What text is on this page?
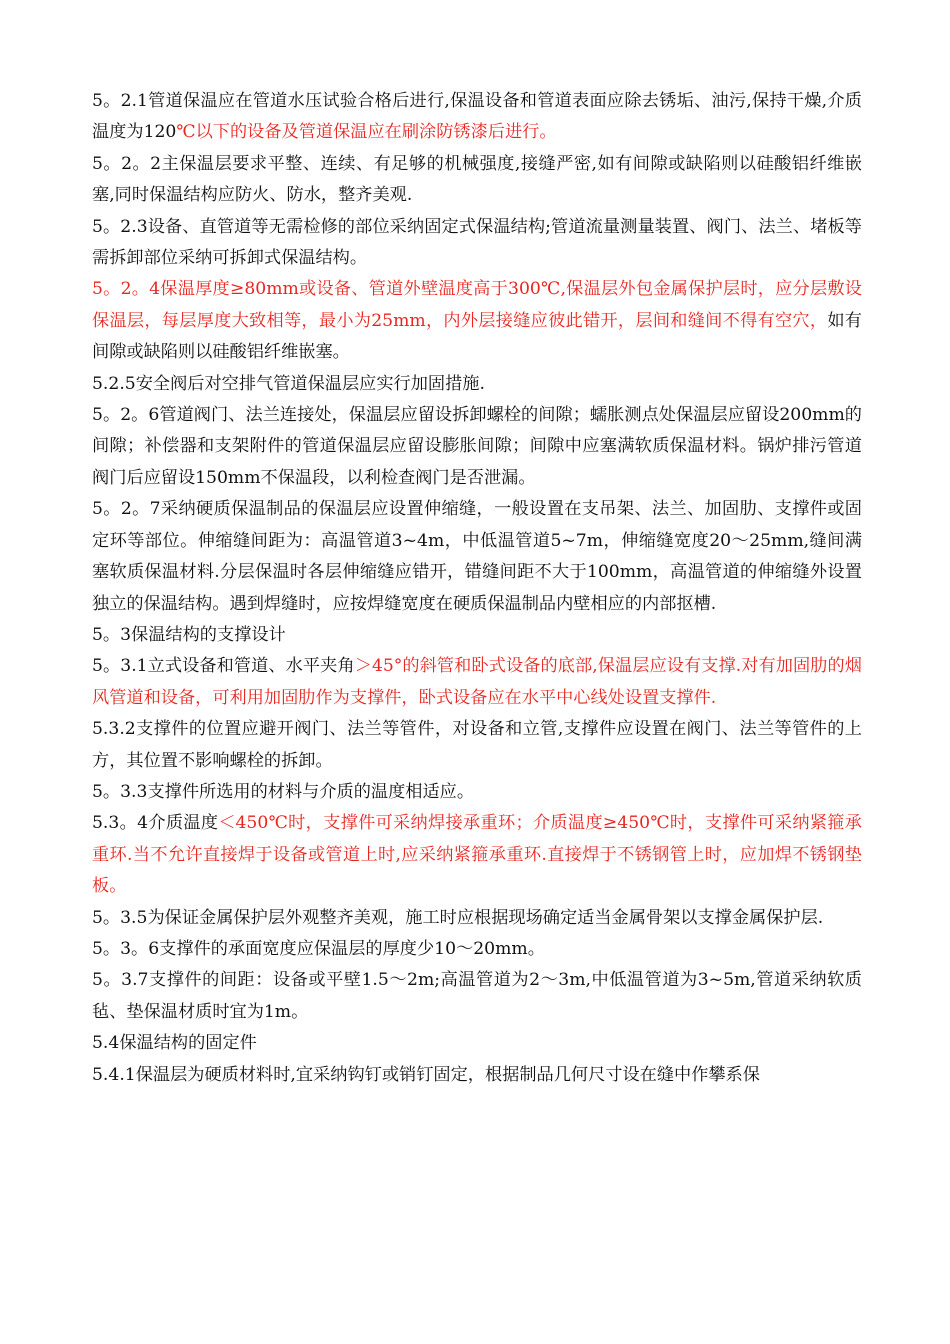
5。2.1管道保温应在管道水压试验合格后进行,保温设备和管道表面应除去锈垢、油污,保持干燥,介质温度为120℃以下的设备及管道保温应在刷涂防锈漆后进行。

5。2。2主保温层要求平整、连续、有足够的机械强度,接缝严密,如有间隙或缺陷则以硅酸铝纤维嵌塞,同时保温结构应防火、防水，整齐美观.

5。2.3设备、直管道等无需检修的部位采纳固定式保温结构;管道流量测量装置、阀门、法兰、堵板等需拆卸部位采纳可拆卸式保温结构。

5。2。4保温厚度≥80mm或设备、管道外壁温度高于300℃,保温层外包金属保护层时，应分层敷设保温层，每层厚度大致相等，最小为25mm，内外层接缝应彼此错开，层间和缝间不得有空穴，如有间隙或缺陷则以硅酸铝纤维嵌塞。

5.2.5安全阀后对空排气管道保温层应实行加固措施.

5。2。6管道阀门、法兰连接处，保温层应留设拆卸螺栓的间隙；蠕胀测点处保温层应留设200mm的间隙；补偿器和支架附件的管道保温层应留设膨胀间隙；间隙中应塞满软质保温材料。锅炉排污管道阀门后应留设150mm不保温段，以利检查阀门是否泄漏。

5。2。7采纳硬质保温制品的保温层应设置伸缩缝，一般设置在支吊架、法兰、加固肋、支撑件或固定环等部位。伸缩缝间距为：高温管道3~4m，中低温管道5~7m，伸缩缝宽度20～25mm,缝间满塞软质保温材料.分层保温时各层伸缩缝应错开，错缝间距不大于100mm，高温管道的伸缩缝外设置独立的保温结构。遇到焊缝时，应按焊缝宽度在硬质保温制品内壁相应的内部抠槽.

5。3保温结构的支撑设计

5。3.1立式设备和管道、水平夹角＞45°的斜管和卧式设备的底部,保温层应设有支撑.对有加固肋的烟风管道和设备，可利用加固肋作为支撑件，卧式设备应在水平中心线处设置支撑件.

5.3.2支撑件的位置应避开阀门、法兰等管件，对设备和立管,支撑件应设置在阀门、法兰等管件的上方，其位置不影响螺栓的拆卸。

5。3.3支撑件所选用的材料与介质的温度相适应。

5.3。4介质温度＜450℃时，支撑件可采纳焊接承重环；介质温度≥450℃时，支撑件可采纳紧箍承重环.当不允许直接焊于设备或管道上时,应采纳紧箍承重环.直接焊于不锈钢管上时，应加焊不锈钢垫板。

5。3.5为保证金属保护层外观整齐美观，施工时应根据现场确定适当金属骨架以支撑金属保护层.

5。3。6支撑件的承面宽度应保温层的厚度少10～20mm。

5。3.7支撑件的间距：设备或平壁1.5～2m;高温管道为2～3m,中低温管道为3~5m,管道采纳软质毡、垫保温材质时宜为1m。

5.4保温结构的固定件

5.4.1保温层为硬质材料时,宜采纳钩钉或销钉固定，根据制品几何尺寸设在缝中作攀系保
